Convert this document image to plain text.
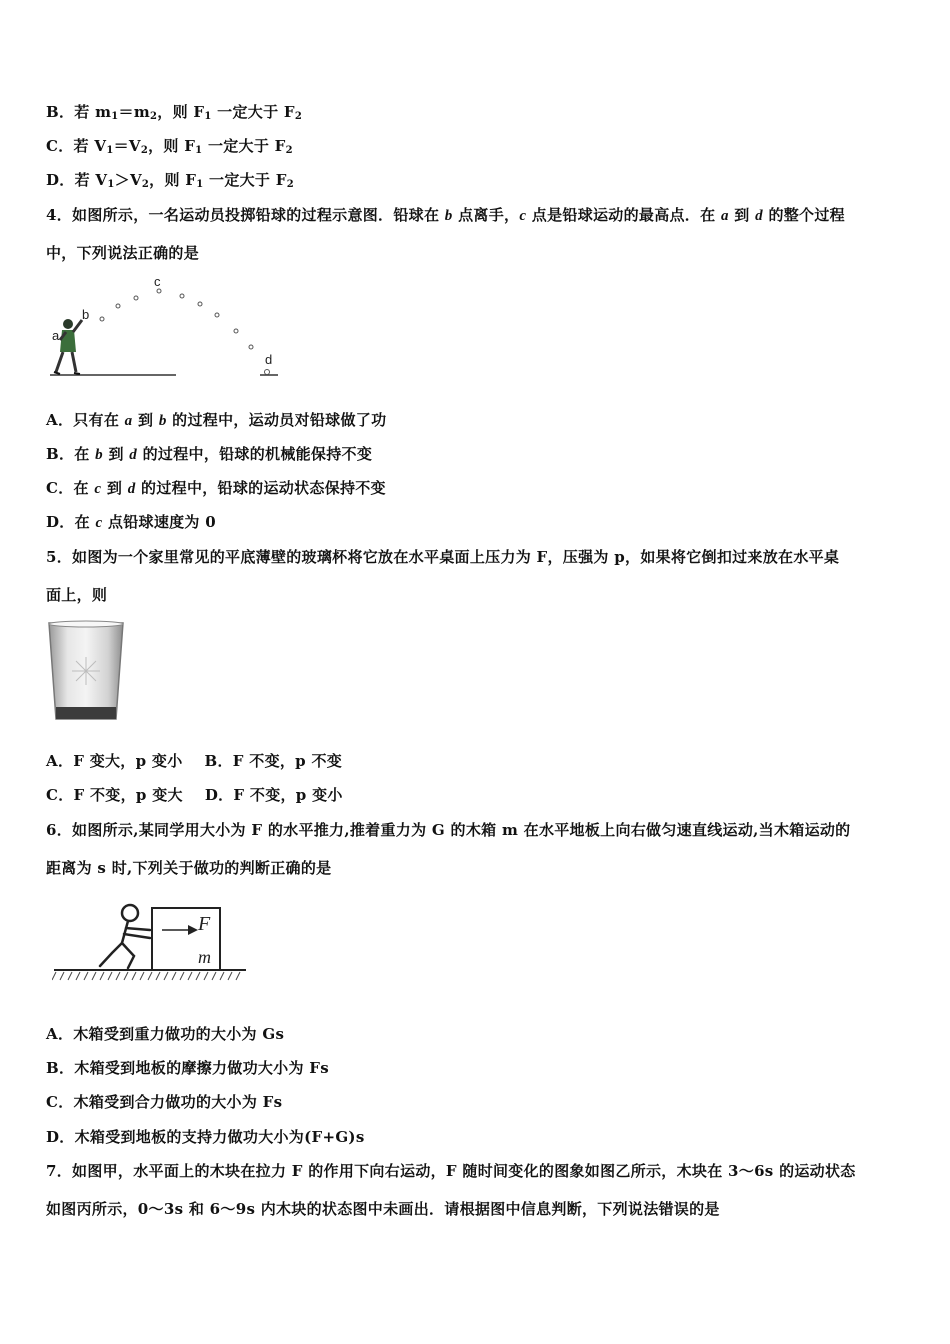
B．若 $m_1=m_2$，则 $F_1$ 一定大于 $F_2$
C．若 $V_1=V_2$，则 $F_1$ 一定大于 $F_2$
D．若 $V_1>V_2$，则 $F_1$ 一定大于 $F_2$
4．如图所示，一名运动员投掷铅球的过程示意图．铅球在 b 点离手，c 点是铅球运动的最高点．在 a 到 d 的整个过程
中，下列说法正确的是
a
b
c
d
A．只有在 a 到 b 的过程中，运动员对铅球做了功
B．在 b 到 d 的过程中，铅球的机械能保持不变
C．在 c 到 d 的过程中，铅球的运动状态保持不变
D．在 c 点铅球速度为 0
5．如图为一个家里常见的平底薄壁的玻璃杯将它放在水平桌面上压力为 F，压强为 p，如果将它倒扣过来放在水平桌
面上，则
A．F 变大，p 变小 B．F 不变，p 不变
C．F 不变，p 变大 D．F 不变，p 变小
6．如图所示,某同学用大小为 F 的水平推力,推着重力为 G 的木箱 m 在水平地板上向右做匀速直线运动,当木箱运动的
距离为 s 时,下列关于做功的判断正确的是
F
m
A．木箱受到重力做功的大小为 Gs
B．木箱受到地板的摩擦力做功大小为 Fs
C．木箱受到合力做功的大小为 Fs
D．木箱受到地板的支持力做功大小为(F+G)s
7．如图甲，水平面上的木块在拉力 F 的作用下向右运动，F 随时间变化的图象如图乙所示，木块在 3～6s 的运动状态
如图丙所示，0～3s 和 6～9s 内木块的状态图中未画出．请根据图中信息判断，下列说法错误的是
